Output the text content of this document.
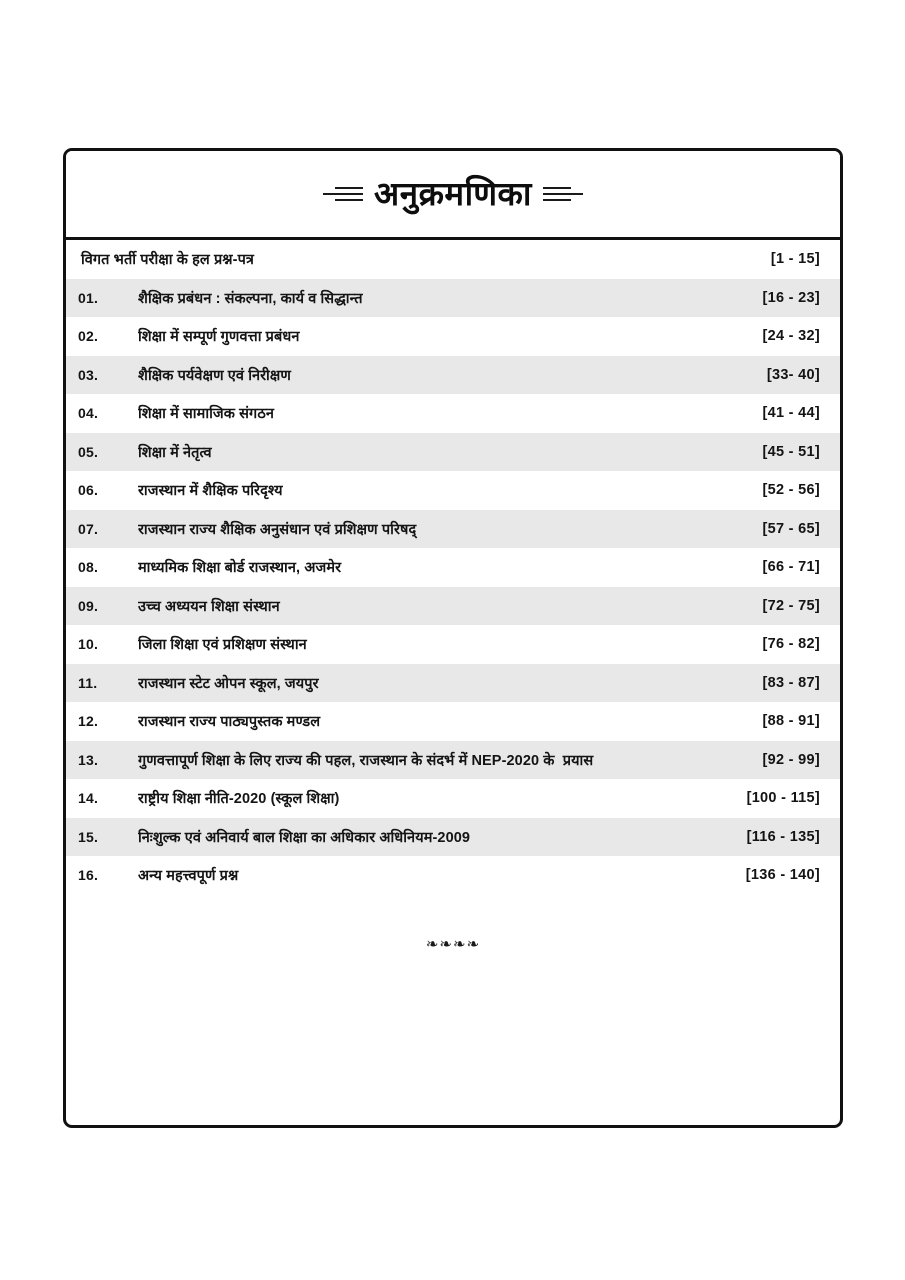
अनुक्रमणिका
विगत भर्ती परीक्षा के हल प्रश्न-पत्र	[1 - 15]
01.	शैक्षिक प्रबंधन : संकल्पना, कार्य व सिद्धान्त	[16 - 23]
02.	शिक्षा में सम्पूर्ण गुणवत्ता प्रबंधन	[24 - 32]
03.	शैक्षिक पर्यवेक्षण एवं निरीक्षण	[33- 40]
04.	शिक्षा में सामाजिक संगठन	[41 - 44]
05.	शिक्षा में नेतृत्व	[45 - 51]
06.	राजस्थान में शैक्षिक परिदृश्य	[52 - 56]
07.	राजस्थान राज्य शैक्षिक अनुसंधान एवं प्रशिक्षण परिषद्	[57 - 65]
08.	माध्यमिक शिक्षा बोर्ड राजस्थान, अजमेर	[66 - 71]
09.	उच्च अध्ययन शिक्षा संस्थान	[72 - 75]
10.	जिला शिक्षा एवं प्रशिक्षण संस्थान	[76 - 82]
11.	राजस्थान स्टेट ओपन स्कूल, जयपुर	[83 - 87]
12.	राजस्थान राज्य पाठ्यपुस्तक मण्डल	[88 - 91]
13.	गुणवत्तापूर्ण शिक्षा के लिए राज्य की पहल, राजस्थान के संदर्भ में NEP-2020 के  प्रयास	[92 - 99]
14.	राष्ट्रीय शिक्षा नीति-2020 (स्कूल शिक्षा)	[100 - 115]
15.	निःशुल्क एवं अनिवार्य बाल शिक्षा का अधिकार अधिनियम-2009	[116 - 135]
16.	अन्य महत्त्वपूर्ण प्रश्न	[136 - 140]
❧❧❧❧
